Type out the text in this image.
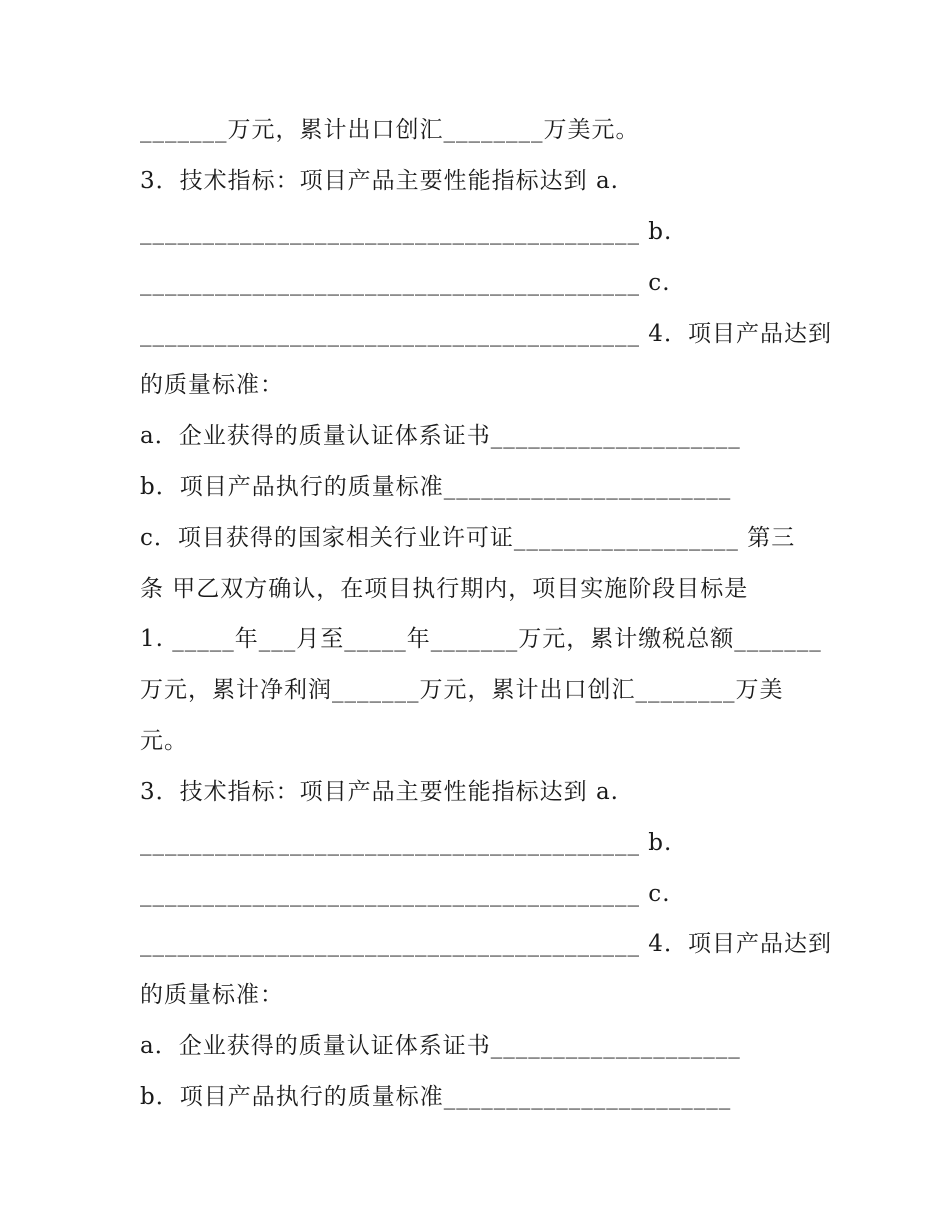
_______万元，累计出口创汇________万美元。
3．技术指标：项目产品主要性能指标达到 a.
________________________________________ b.
________________________________________ c.
________________________________________ 4．项目产品达到
的质量标准：
a．企业获得的质量认证体系证书____________________
b．项目产品执行的质量标准_______________________
c．项目获得的国家相关行业许可证__________________ 第三
条 甲乙双方确认，在项目执行期内，项目实施阶段目标是
1. _____年___月至_____年_______万元，累计缴税总额_______
万元，累计净利润_______万元，累计出口创汇________万美
元。
3．技术指标：项目产品主要性能指标达到 a.
________________________________________ b.
________________________________________ c.
________________________________________ 4．项目产品达到
的质量标准：
a．企业获得的质量认证体系证书____________________
b．项目产品执行的质量标准_______________________
